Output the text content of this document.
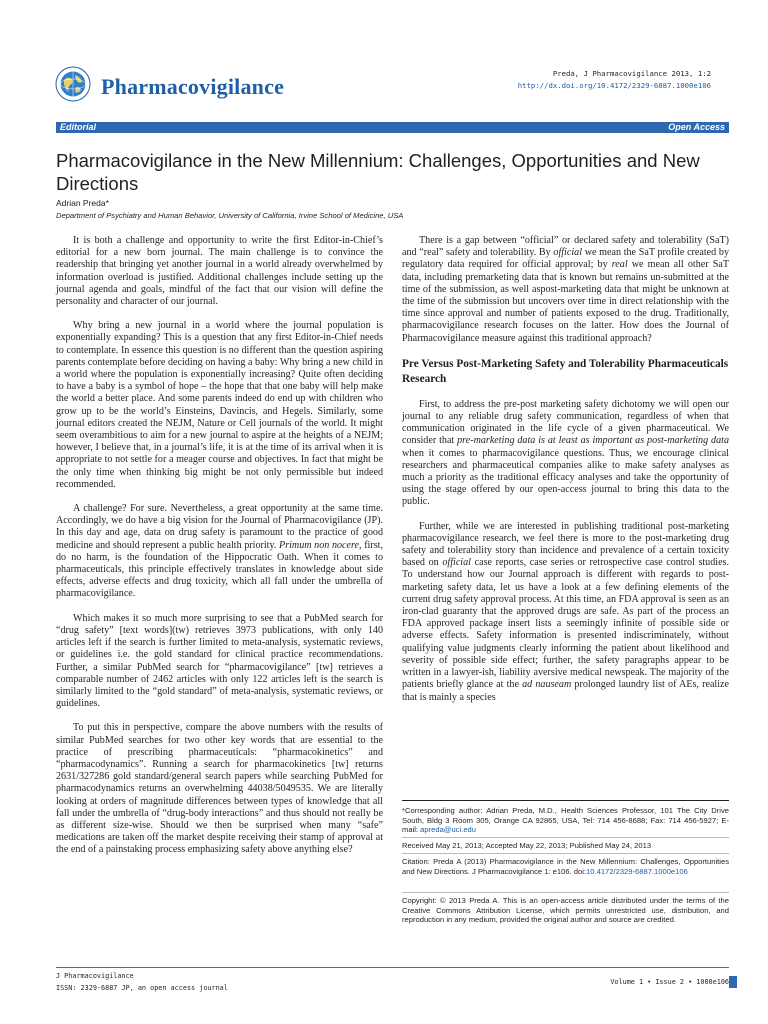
Pharmacovigilance
Preda, J Pharmacovigilance 2013, 1:2
http://dx.doi.org/10.4172/2329-6887.1000e106
Editorial	Open Access
Pharmacovigilance in the New Millennium: Challenges, Opportunities and New Directions
Adrian Preda*
Department of Psychiatry and Human Behavior, University of California, Irvine School of Medicine, USA

It is both a challenge and opportunity to write the first Editor-in-Chief’s editorial for a new born journal. The main challenge is to convince the readership that bringing yet another journal in a world already overwhelmed by information overload is justified. Additional challenges include setting up the journal agenda and goals, mindful of the fact that our vision will define the personality and character of our journal.

Why bring a new journal in a world where the journal population is exponentially expanding? This is a question that any first Editor-in-Chief needs to contemplate. In essence this question is no different than the question aspiring parents contemplate before deciding on having a baby: Why bring a new child in a world where the population is exponentially increasing? Quite often deciding to have a baby is a symbol of hope – the hope that that one baby will help make the world a better place. And some parents indeed do end up with children who grow up to be the world’s Einsteins, Davincis, and Hegels. Similarly, some journal editors created the NEJM, Nature or Cell journals of the world. It might seem overambitious to aim for a new journal to aspire at the heights of a NEJM; however, I believe that, in a journal’s life, it is at the time of its arrival when it is appropriate to not settle for a meager course and objectives. In fact that might be the only time when thinking big might be not only permissible but indeed recommended.

A challenge? For sure. Nevertheless, a great opportunity at the same time. Accordingly, we do have a big vision for the Journal of Pharmacovigilance (JP). In this day and age, data on drug safety is paramount to the practice of good medicine and should represent a public health priority. Primum non nocere, first, do no harm, is the foundation of the Hippocratic Oath. When it comes to pharmaceuticals, this principle effectively translates in knowledge about side effects, adverse effects and drug toxicity, which all fall under the umbrella of pharmacovigilance.

Which makes it so much more surprising to see that a PubMed search for “drug safety” [text words](tw) retrieves 3973 publications, with only 140 articles left if the search is further limited to meta-analysis, systematic reviews, or guidelines i.e. the gold standard for clinical practice recommendations. Further, a similar PubMed search for “pharmacovigilance” [tw] retrieves a comparable number of 2462 articles with only 122 articles left is the search is similarly limited to the “gold standard” of meta-analysis, systematic reviews, or guidelines.

To put this in perspective, compare the above numbers with the results of similar PubMed searches for two other key words that are essential to the practice of prescribing pharmaceuticals: “pharmacokinetics” and “pharmacodynamics”. Running a search for pharmacokinetics [tw] returns 2631/327286 gold standard/general search papers while searching PubMed for pharmacodynamics returns an overwhelming 44038/5049535. We are literally looking at orders of magnitude differences between types of knowledge that all fall under the umbrella of “drug-body interactions” and thus should not really be as different size-wise. Should we then be surprised when many “safe” medications are taken off the market despite receiving their stamp of approval at the end of a painstaking process emphasizing safety above anything else?

There is a gap between “official” or declared safety and tolerability (SaT) and “real” safety and tolerability. By official we mean the SaT profile created by regulatory data required for official approval; by real we mean all other SaT data, including premarketing data that is known but remains un-submitted at the time of the submission, as well aspost-marketing data that might be unknown at the time of the submission but uncovers over time in direct relationship with the time since approval and number of patients exposed to the drug. Traditionally, pharmacovigilance research focuses on the latter. How does the Journal of Pharmacovigilance measure against this traditional approach?

Pre Versus Post-Marketing Safety and Tolerability Pharmaceuticals Research

First, to address the pre-post marketing safety dichotomy we will open our journal to any reliable drug safety communication, regardless of when that communication originated in the life cycle of a given pharmaceutical. We consider that pre-marketing data is at least as important as post-marketing data when it comes to pharmacovigilance questions. Thus, we encourage clinical researchers and pharmaceutical companies alike to make safety analyses as much a priority as the traditional efficacy analyses and take the opportunity of using the stage offered by our open-access journal to bring this data to the public.

Further, while we are interested in publishing traditional post-marketing pharmacovigilance research, we feel there is more to the post-marketing drug safety and tolerability story than incidence and prevalence of a certain toxicity based on official case reports, case series or retrospective case control studies. To understand how our Journal approach is different with regards to post-marketing safety data, let us have a look at a few defining elements of the current drug safety approval process. At this time, an FDA approval is seen as an iron-clad guaranty that the approved drugs are safe. As part of the process an FDA approved package insert lists a seemingly infinite of possible side or adverse effects. Safety information is presented indiscriminately, without qualifying value judgments clearly informing the patient about likelihood and severity of possible side effect; further, the safety paragraphs appear to be written in a lawyer-ish, liability aversive medical newspeak. The majority of the patients briefly glance at the ad nauseam prolonged laundry list of AEs, realize that is mainly a species

*Corresponding author: Adrian Preda, M.D., Health Sciences Professor, 101 The City Drive South, Bldg 3 Room 305, Orange CA 92865, USA, Tel: 714 456-8688; Fax: 714 456-5927; E-mail: apreda@uci.edu
Received May 21, 2013; Accepted May 22, 2013; Published May 24, 2013
Citation: Preda A (2013) Pharmacovigilance in the New Millennium: Challenges, Opportunities and New Directions. J Pharmacovigilance 1: e106. doi:10.4172/2329-6887.1000e106
Copyright: © 2013 Preda A. This is an open-access article distributed under the terms of the Creative Commons Attribution License, which permits unrestricted use, distribution, and reproduction in any medium, provided the original author and source are credited.
J Pharmacovigilance
ISSN: 2329-6887 JP, an open access journal
Volume 1 • Issue 2 • 1000e106
